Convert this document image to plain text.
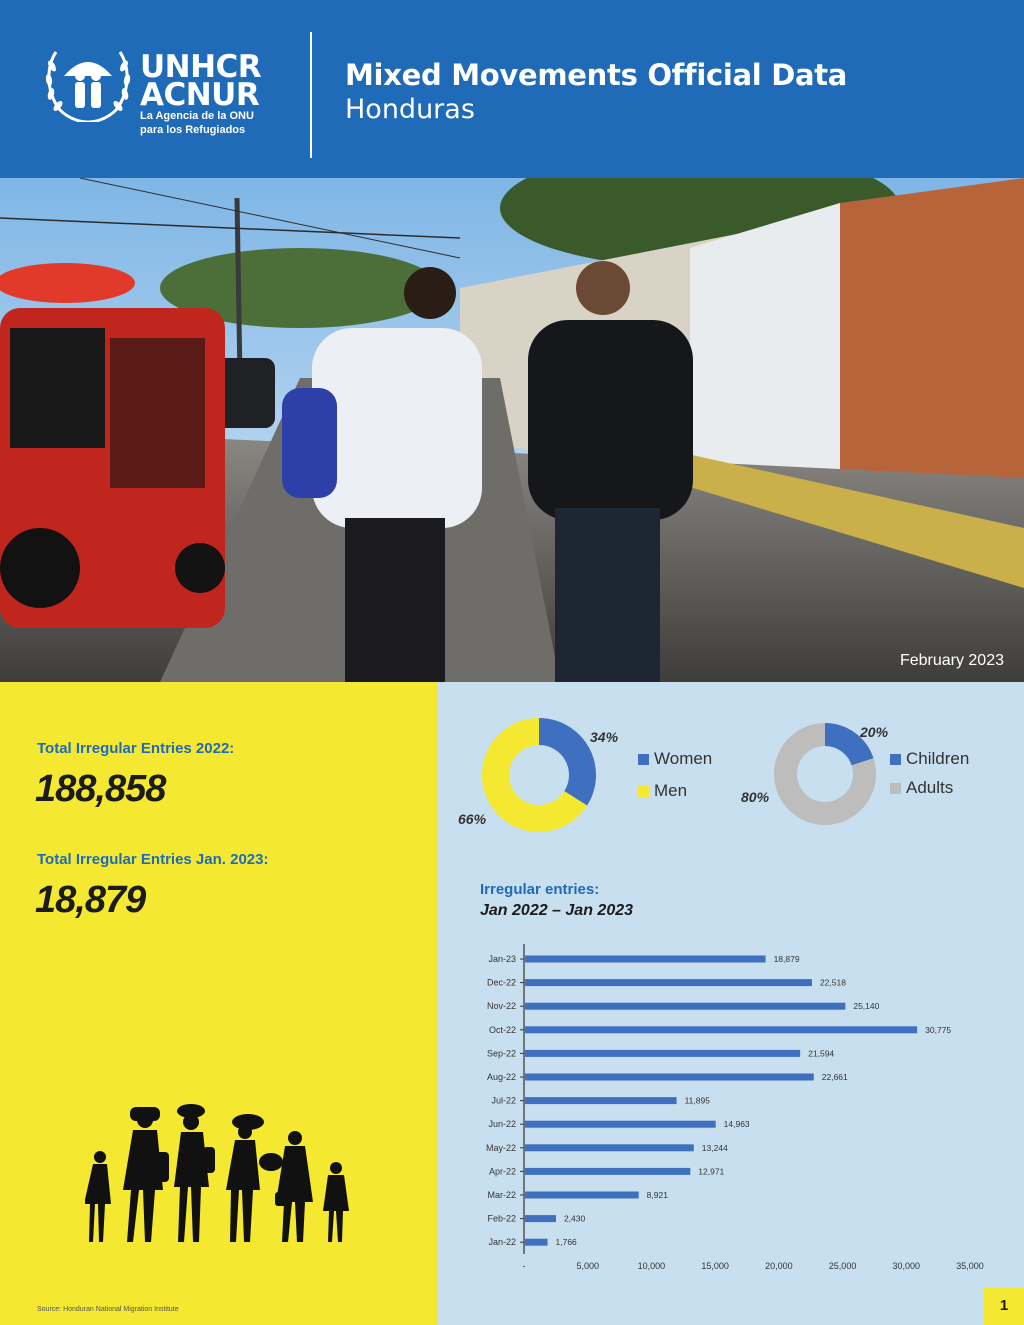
UNHCR
ACNUR
La Agencia de la ONU
para los Refugiados
Mixed Movements Official Data
Honduras
February 2023
Total Irregular Entries 2022:
188,858
Total Irregular Entries Jan. 2023:
18,879
Source: Honduran National Migration Institute
34%
66%
Women
Men
20%
80%
Children
Adults
Irregular entries:
Jan 2022 – Jan 2023
Jan-23	18,879
Dec-22	22,518
Nov-22	25,140
Oct-22	30,775
Sep-22	21,594
Aug-22	22,661
Jul-22	11,895
Jun-22	14,963
May-22	13,244
Apr-22	12,971
Mar-22	8,921
Feb-22	2,430
Jan-22	1,766
-	5,000	10,000	15,000	20,000	25,000	30,000	35,000
1
